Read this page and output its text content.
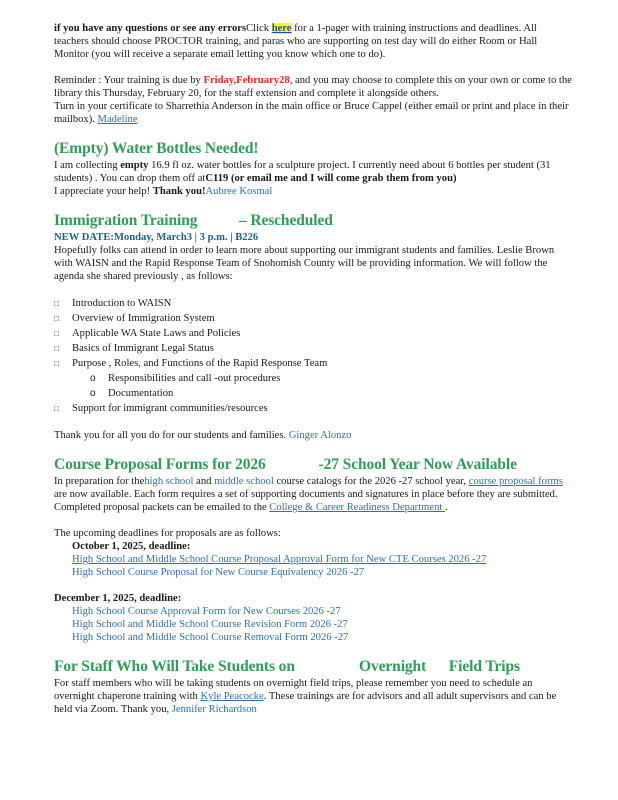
if you have any questions or see any errorsClick here for a 1-pager with training instructions and deadlines. All teachers should choose PROCTOR training, and paras who are supporting on test day will do either Room or Hall Monitor (you will receive a separate email letting you know which one to do).

Reminder : Your training is due by Friday,February28, and you may choose to complete this on your own or come to the library this Thursday, February 20, for the staff extension and complete it alongside others.
Turn in your certificate to Sharrethia Anderson in the main office or Bruce Cappel (either email or print and place in their mailbox). Madeline

(Empty) Water Bottles Needed!

I am collecting empty 16.9 fl oz. water bottles for a sculpture project. I currently need about 6 bottles per student (31 students) . You can drop them off atC119 (or email me and I will come grab them from you)
I appreciate your help! Thank you!Aubree Kosmal

Immigration Training           – Rescheduled

NEW DATE:Monday, March3 | 3 p.m. | B226

Hopefully folks can attend in order to learn more about supporting our immigrant students and families. Leslie Brown with WAISN and the Rapid Response Team of Snohomish County will be providing information. We will follow the agenda she shared previously , as follows:

□ Introduction to WAISN
□ Overview of Immigration System
□ Applicable WA State Laws and Policies
□ Basics of Immigrant Legal Status
□ Purpose , Roles, and Functions of the Rapid Response Team
o Responsibilities and call -out procedures
o Documentation
□ Support for immigrant communities/resources

Thank you for all you do for our students and families. Ginger Alonzo

Course Proposal Forms for 2026              -27 School Year Now Available

In preparation for thehigh school and middle school course catalogs for the 2026 -27 school year, course proposal forms are now available. Each form requires a set of supporting documents and signatures in place before they are submitted. Completed proposal packets can be emailed to the College & Career Readiness Department .

The upcoming deadlines for proposals are as follows:

October 1, 2025, deadline:

High School and Middle School Course Proposal Approval Form for New CTE Courses 2026 -27
High School Course Proposal for New Course Equivalency 2026 -27

December 1, 2025, deadline:

High School Course Approval Form for New Courses 2026 -27
High School and Middle School Course Revision Form 2026 -27
High School and Middle School Course Removal Form 2026 -27
For Staff Who Will Take Students on                 Overnight      Field Trips

For staff members who will be taking students on overnight field trips, please remember you need to schedule an overnight chaperone training with Kyle Peacocke. These trainings are for advisors and all adult supervisors and can be held via Zoom. Thank you, Jennifer Richardson
